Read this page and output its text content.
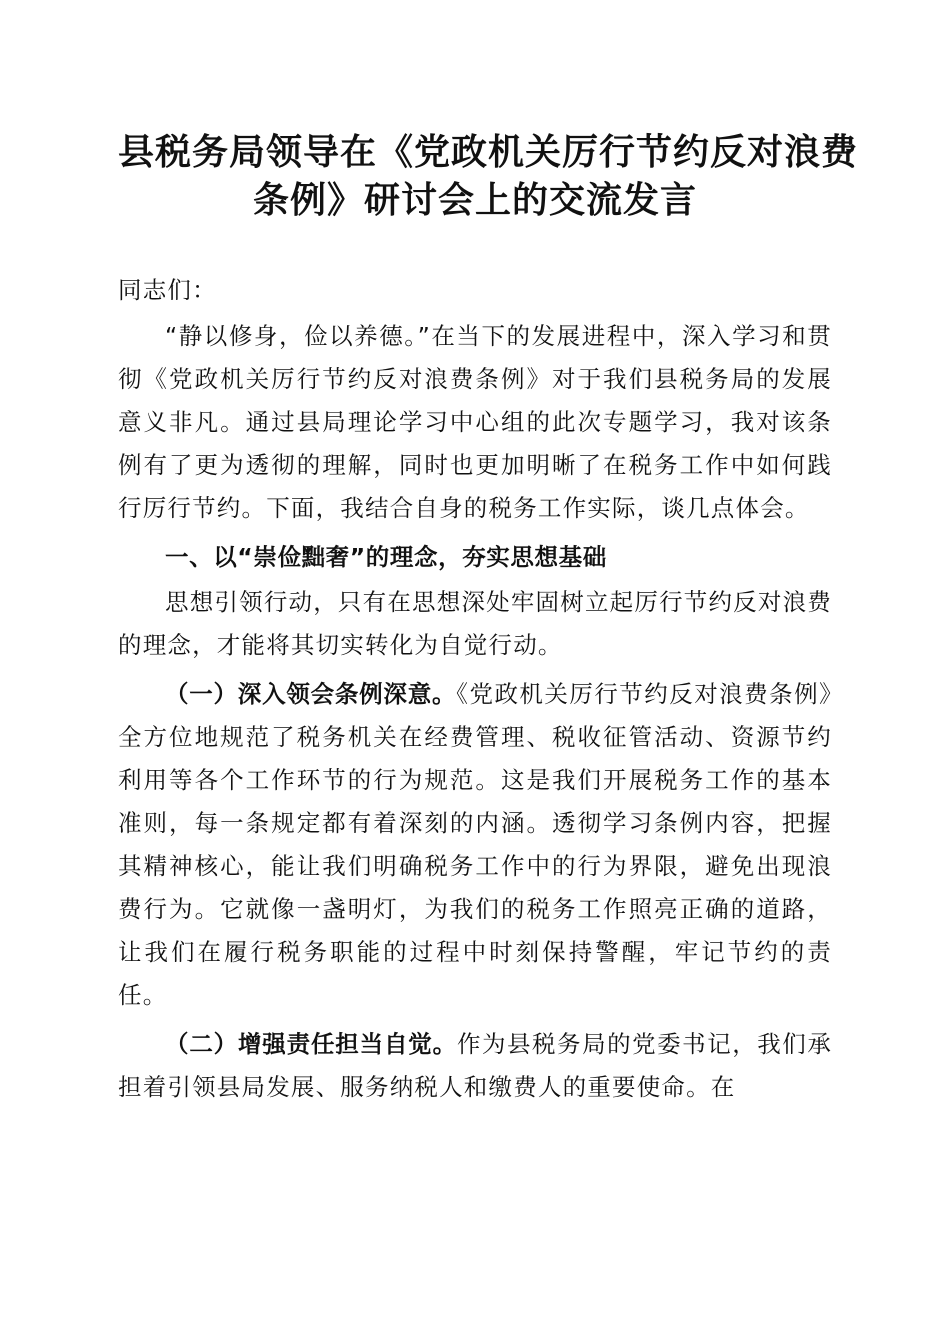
县税务局领导在《党政机关厉行节约反对浪费
条例》研讨会上的交流发言

同志们：

“静以修身，俭以养德。”在当下的发展进程中，深入学习和贯彻《党政机关厉行节约反对浪费条例》对于我们县税务局的发展意义非凡。通过县局理论学习中心组的此次专题学习，我对该条例有了更为透彻的理解，同时也更加明晰了在税务工作中如何践行厉行节约。下面，我结合自身的税务工作实际，谈几点体会。

一、以“崇俭黜奢”的理念，夯实思想基础

思想引领行动，只有在思想深处牢固树立起厉行节约反对浪费的理念，才能将其切实转化为自觉行动。

（一）深入领会条例深意。《党政机关厉行节约反对浪费条例》全方位地规范了税务机关在经费管理、税收征管活动、资源节约利用等各个工作环节的行为规范。这是我们开展税务工作的基本准则，每一条规定都有着深刻的内涵。透彻学习条例内容，把握其精神核心，能让我们明确税务工作中的行为界限，避免出现浪费行为。它就像一盏明灯，为我们的税务工作照亮正确的道路，让我们在履行税务职能的过程中时刻保持警醒，牢记节约的责任。

（二）增强责任担当自觉。作为县税务局的党委书记，我们承担着引领县局发展、服务纳税人和缴费人的重要使命。在
